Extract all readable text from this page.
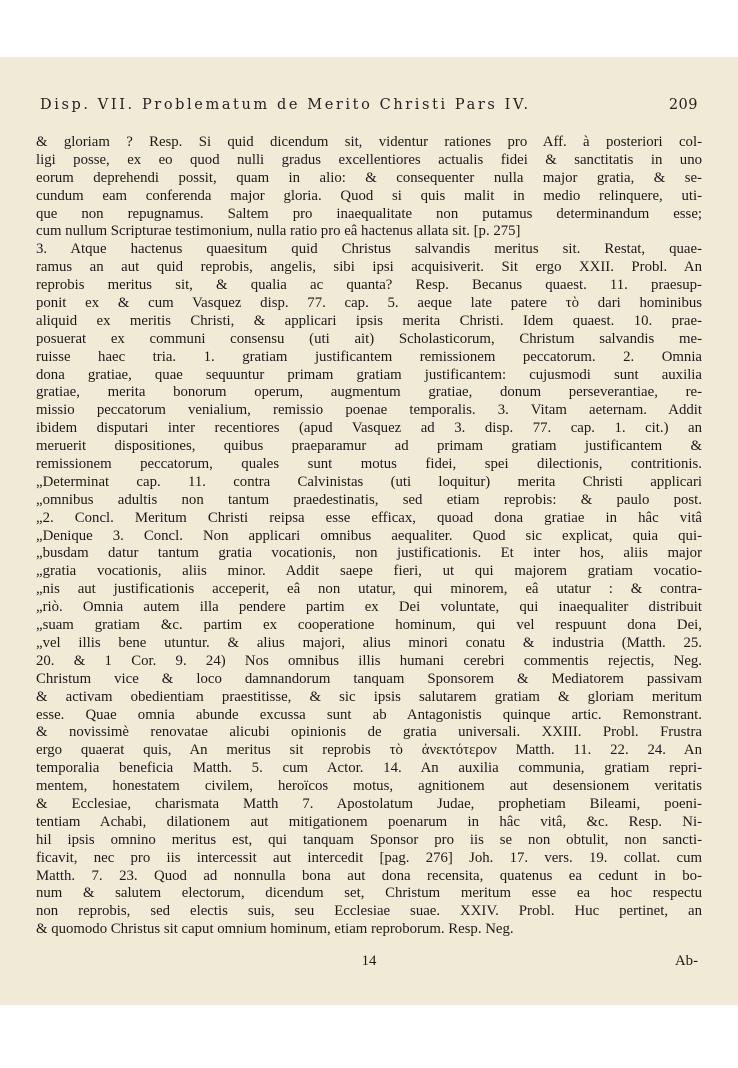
Disp. VII. Problematum de Merito Christi Pars IV.	209
& gloriam ? Resp. Si quid dicendum sit, videntur rationes pro Aff. à posteriori col-
ligi posse, ex eo quod nulli gradus excellentiores actualis fidei & sanctitatis in uno
eorum deprehendi possit, quam in alio: & consequenter nulla major gratia, & se-
cundum eam conferenda major gloria. Quod si quis malit in medio relinquere, uti-
que non repugnamus. Saltem pro inaequalitate non putamus determinandum esse;
cum nullum Scripturae testimonium, nulla ratio pro eâ hactenus allata sit. [p. 275]
3. Atque hactenus quaesitum quid Christus salvandis meritus sit. Restat, quae-
ramus an aut quid reprobis, angelis, sibi ipsi acquisiverit. Sit ergo XXII. Probl. An
reprobis meritus sit, & qualia ac quanta? Resp. Becanus quaest. 11. praesup-
ponit ex & cum Vasquez disp. 77. cap. 5. aeque late patere τὸ dari hominibus
aliquid ex meritis Christi, & applicari ipsis merita Christi. Idem quaest. 10. prae-
posuerat ex communi consensu (uti ait) Scholasticorum, Christum salvandis me-
ruisse haec tria. 1. gratiam justificantem remissionem peccatorum. 2. Omnia
dona gratiae, quae sequuntur primam gratiam justificantem: cujusmodi sunt auxilia
gratiae, merita bonorum operum, augmentum gratiae, donum perseverantiae, re-
missio peccatorum venialium, remissio poenae temporalis. 3. Vitam aeternam. Addit
ibidem disputari inter recentiores (apud Vasquez ad 3. disp. 77. cap. 1. cit.) an
meruerit dispositiones, quibus praeparamur ad primam gratiam justificantem &
remissionem peccatorum, quales sunt motus fidei, spei dilectionis, contritionis.
„Determinat cap. 11. contra Calvinistas (uti loquitur) merita Christi applicari
„omnibus adultis non tantum praedestinatis, sed etiam reprobis: & paulo post.
„2. Concl. Meritum Christi reipsa esse efficax, quoad dona gratiae in hâc vitâ
„Denique 3. Concl. Non applicari omnibus aequaliter. Quod sic explicat, quia qui-
„busdam datur tantum gratia vocationis, non justificationis. Et inter hos, aliis major
„gratia vocationis, aliis minor. Addit saepe fieri, ut qui majorem gratiam vocatio-
„nis aut justificationis acceperit, eâ non utatur, qui minorem, eâ utatur : & contra-
„riò. Omnia autem illa pendere partim ex Dei voluntate, qui inaequaliter distribuit
„suam gratiam &c. partim ex cooperatione hominum, qui vel respuunt dona Dei,
„vel illis bene utuntur. & alius majori, alius minori conatu & industria (Matth. 25.
20. & 1 Cor. 9. 24) Nos omnibus illis humani cerebri commentis rejectis, Neg.
Christum vice & loco damnandorum tanquam Sponsorem & Mediatorem passivam
& activam obedientiam praestitisse, & sic ipsis salutarem gratiam & gloriam meritum
esse. Quae omnia abunde excussa sunt ab Antagonistis quinque artic. Remonstrant.
& novissimè renovatae alicubi opinionis de gratia universali. XXIII. Probl. Frustra
ergo quaerat quis, An meritus sit reprobis τὸ ἀνεκτότερον Matth. 11. 22. 24. An
temporalia beneficia Matth. 5. cum Actor. 14. An auxilia communia, gratiam repri-
mentem, honestatem civilem, heroïcos motus, agnitionem aut desensionem veritatis
& Ecclesiae, charismata Matth 7. Apostolatum Judae, prophetiam Bileami, poeni-
tentiam Achabi, dilationem aut mitigationem poenarum in hâc vitâ, &c. Resp. Ni-
hil ipsis omnino meritus est, qui tanquam Sponsor pro iis se non obtulit, non sancti-
ficavit, nec pro iis intercessit aut intercedit [pag. 276] Joh. 17. vers. 19. collat. cum
Matth. 7. 23. Quod ad nonnulla bona aut dona recensita, quatenus ea cedunt in bo-
num & salutem electorum, dicendum set, Christum meritum esse ea hoc respectu
non reprobis, sed electis suis, seu Ecclesiae suae. XXIV. Probl. Huc pertinet, an
& quomodo Christus sit caput omnium hominum, etiam reproborum. Resp. Neg.
14	Ab-
